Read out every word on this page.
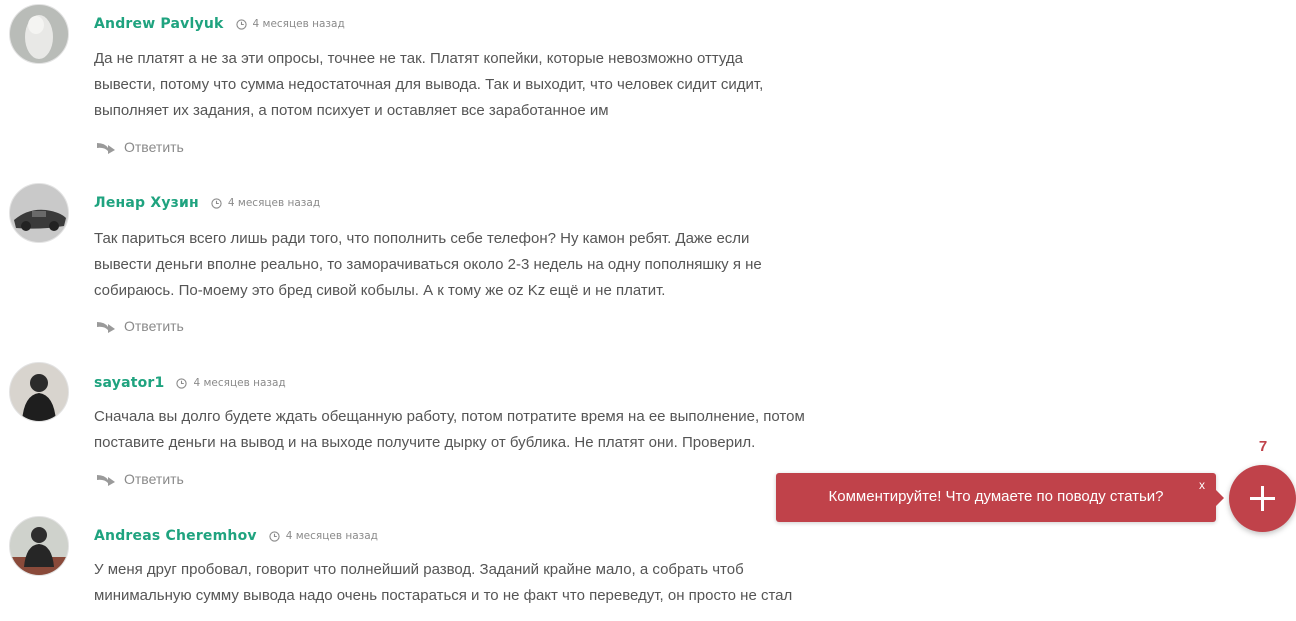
Andrew Pavlyuk	4 месяцев назад
Да не платят а не за эти опросы, точнее не так. Платят копейки, которые невозможно оттуда
вывести, потому что сумма недостаточная для вывода. Так и выходит, что человек сидит сидит,
выполняет их задания, а потом психует и оставляет все заработанное им
Ответить
Ленар Хузин	4 месяцев назад
Так париться всего лишь ради того, что пополнить себе телефон? Ну камон ребят. Даже если
вывести деньги вполне реально, то заморачиваться около 2-3 недель на одну пополняшку я не
собираюсь. По-моему это бред сивой кобылы. А к тому же oz Kz ещё и не платит.
Ответить
sayator1	4 месяцев назад
Сначала вы долго будете ждать обещанную работу, потом потратите время на ее выполнение, потом
поставите деньги на вывод и на выходе получите дырку от бублика. Не платят они. Проверил.
Ответить
Andreas Cheremhov	4 месяцев назад
У меня друг пробовал, говорит что полнейший развод. Заданий крайне мало, а собрать чтоб
минимальную сумму вывода надо очень постараться и то не факт что переведут, он просто не стал
Комментируйте! Что думаете по поводу статьи?
x
7
